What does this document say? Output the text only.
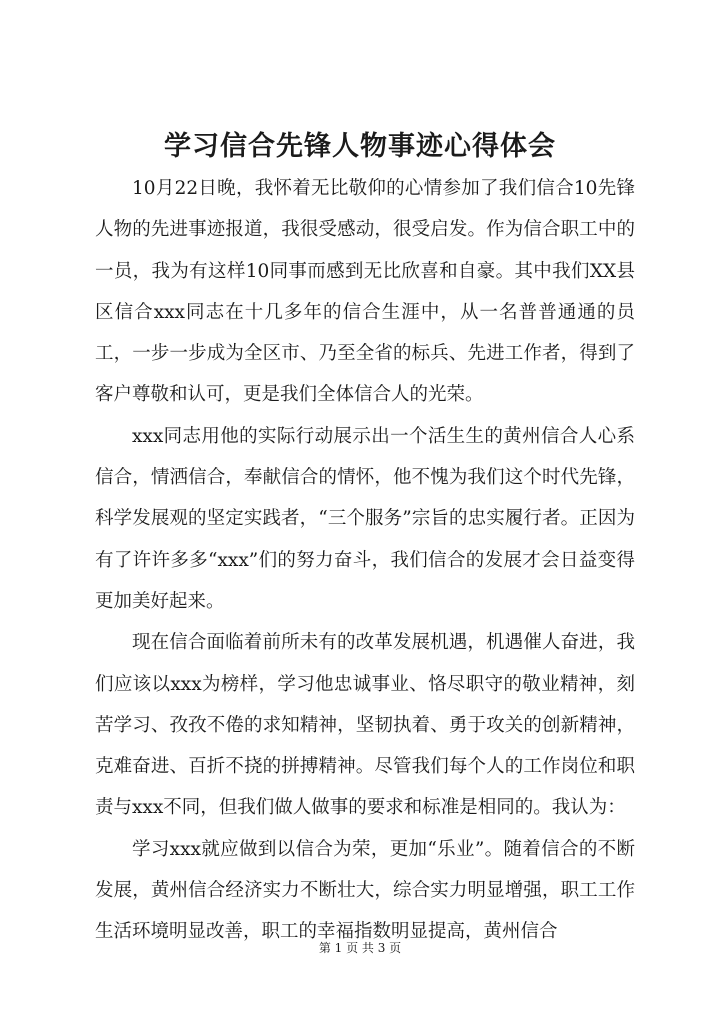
学习信合先锋人物事迹心得体会

10月22日晚，我怀着无比敬仰的心情参加了我们信合10先锋人物的先进事迹报道，我很受感动，很受启发。作为信合职工中的一员，我为有这样10同事而感到无比欣喜和自豪。其中我们XX县区信合xxx同志在十几多年的信合生涯中，从一名普普通通的员工，一步一步成为全区市、乃至全省的标兵、先进工作者，得到了客户尊敬和认可，更是我们全体信合人的光荣。

xxx同志用他的实际行动展示出一个活生生的黄州信合人心系信合，情洒信合，奉献信合的情怀，他不愧为我们这个时代先锋，科学发展观的坚定实践者，“三个服务”宗旨的忠实履行者。正因为有了许许多多“xxx”们的努力奋斗，我们信合的发展才会日益变得更加美好起来。

现在信合面临着前所未有的改革发展机遇，机遇催人奋进，我们应该以xxx为榜样，学习他忠诚事业、恪尽职守的敬业精神，刻苦学习、孜孜不倦的求知精神，坚韧执着、勇于攻关的创新精神，克难奋进、百折不挠的拼搏精神。尽管我们每个人的工作岗位和职责与xxx不同，但我们做人做事的要求和标准是相同的。我认为：

学习xxx就应做到以信合为荣，更加“乐业”。随着信合的不断发展，黄州信合经济实力不断壮大，综合实力明显增强，职工工作生活环境明显改善，职工的幸福指数明显提高，黄州信合

第 1 页 共 3 页
